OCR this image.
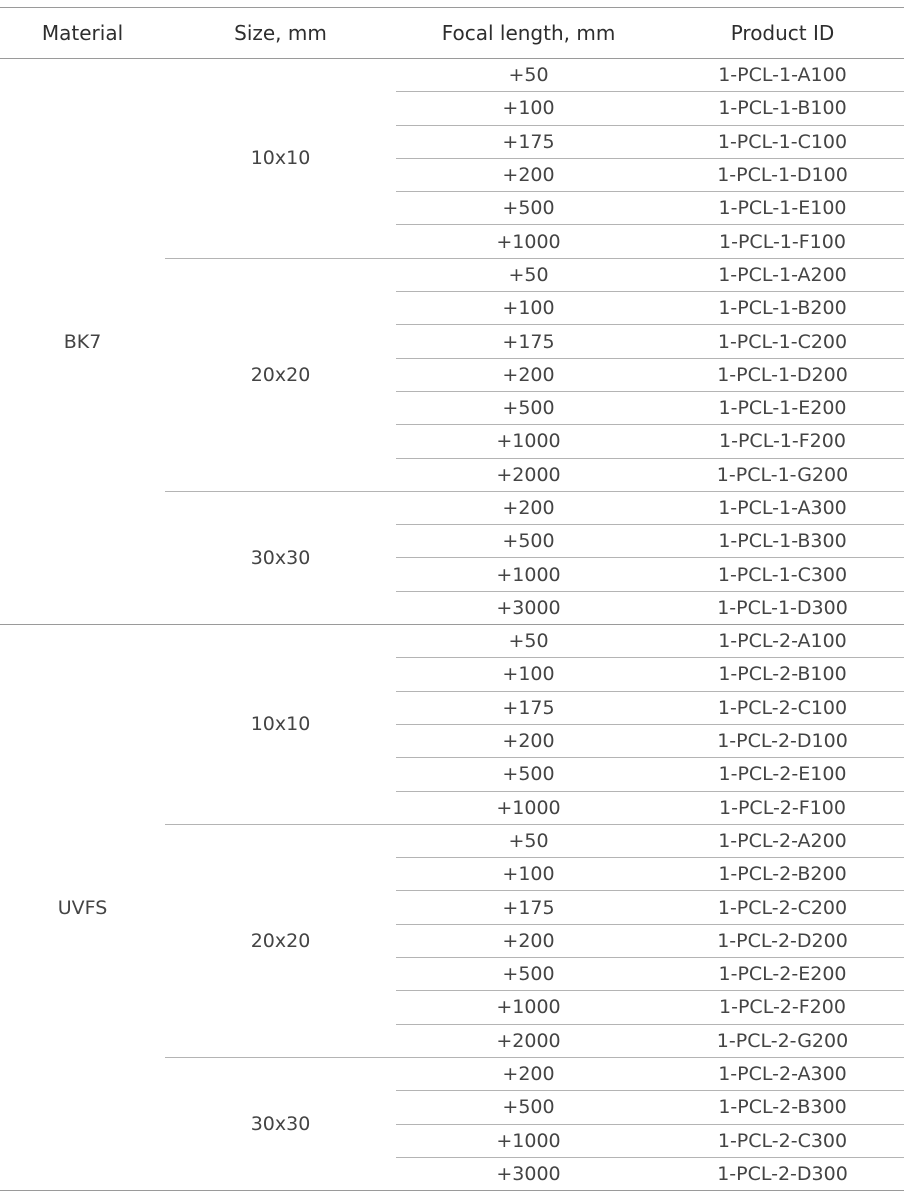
Material	Size, mm	Focal length, mm	Product ID
BK7	10x10	+50	1-PCL-1-A100
		+100	1-PCL-1-B100
		+175	1-PCL-1-C100
		+200	1-PCL-1-D100
		+500	1-PCL-1-E100
		+1000	1-PCL-1-F100
	20x20	+50	1-PCL-1-A200
		+100	1-PCL-1-B200
		+175	1-PCL-1-C200
		+200	1-PCL-1-D200
		+500	1-PCL-1-E200
		+1000	1-PCL-1-F200
		+2000	1-PCL-1-G200
	30x30	+200	1-PCL-1-A300
		+500	1-PCL-1-B300
		+1000	1-PCL-1-C300
		+3000	1-PCL-1-D300
UVFS	10x10	+50	1-PCL-2-A100
		+100	1-PCL-2-B100
		+175	1-PCL-2-C100
		+200	1-PCL-2-D100
		+500	1-PCL-2-E100
		+1000	1-PCL-2-F100
	20x20	+50	1-PCL-2-A200
		+100	1-PCL-2-B200
		+175	1-PCL-2-C200
		+200	1-PCL-2-D200
		+500	1-PCL-2-E200
		+1000	1-PCL-2-F200
		+2000	1-PCL-2-G200
	30x30	+200	1-PCL-2-A300
		+500	1-PCL-2-B300
		+1000	1-PCL-2-C300
		+3000	1-PCL-2-D300
